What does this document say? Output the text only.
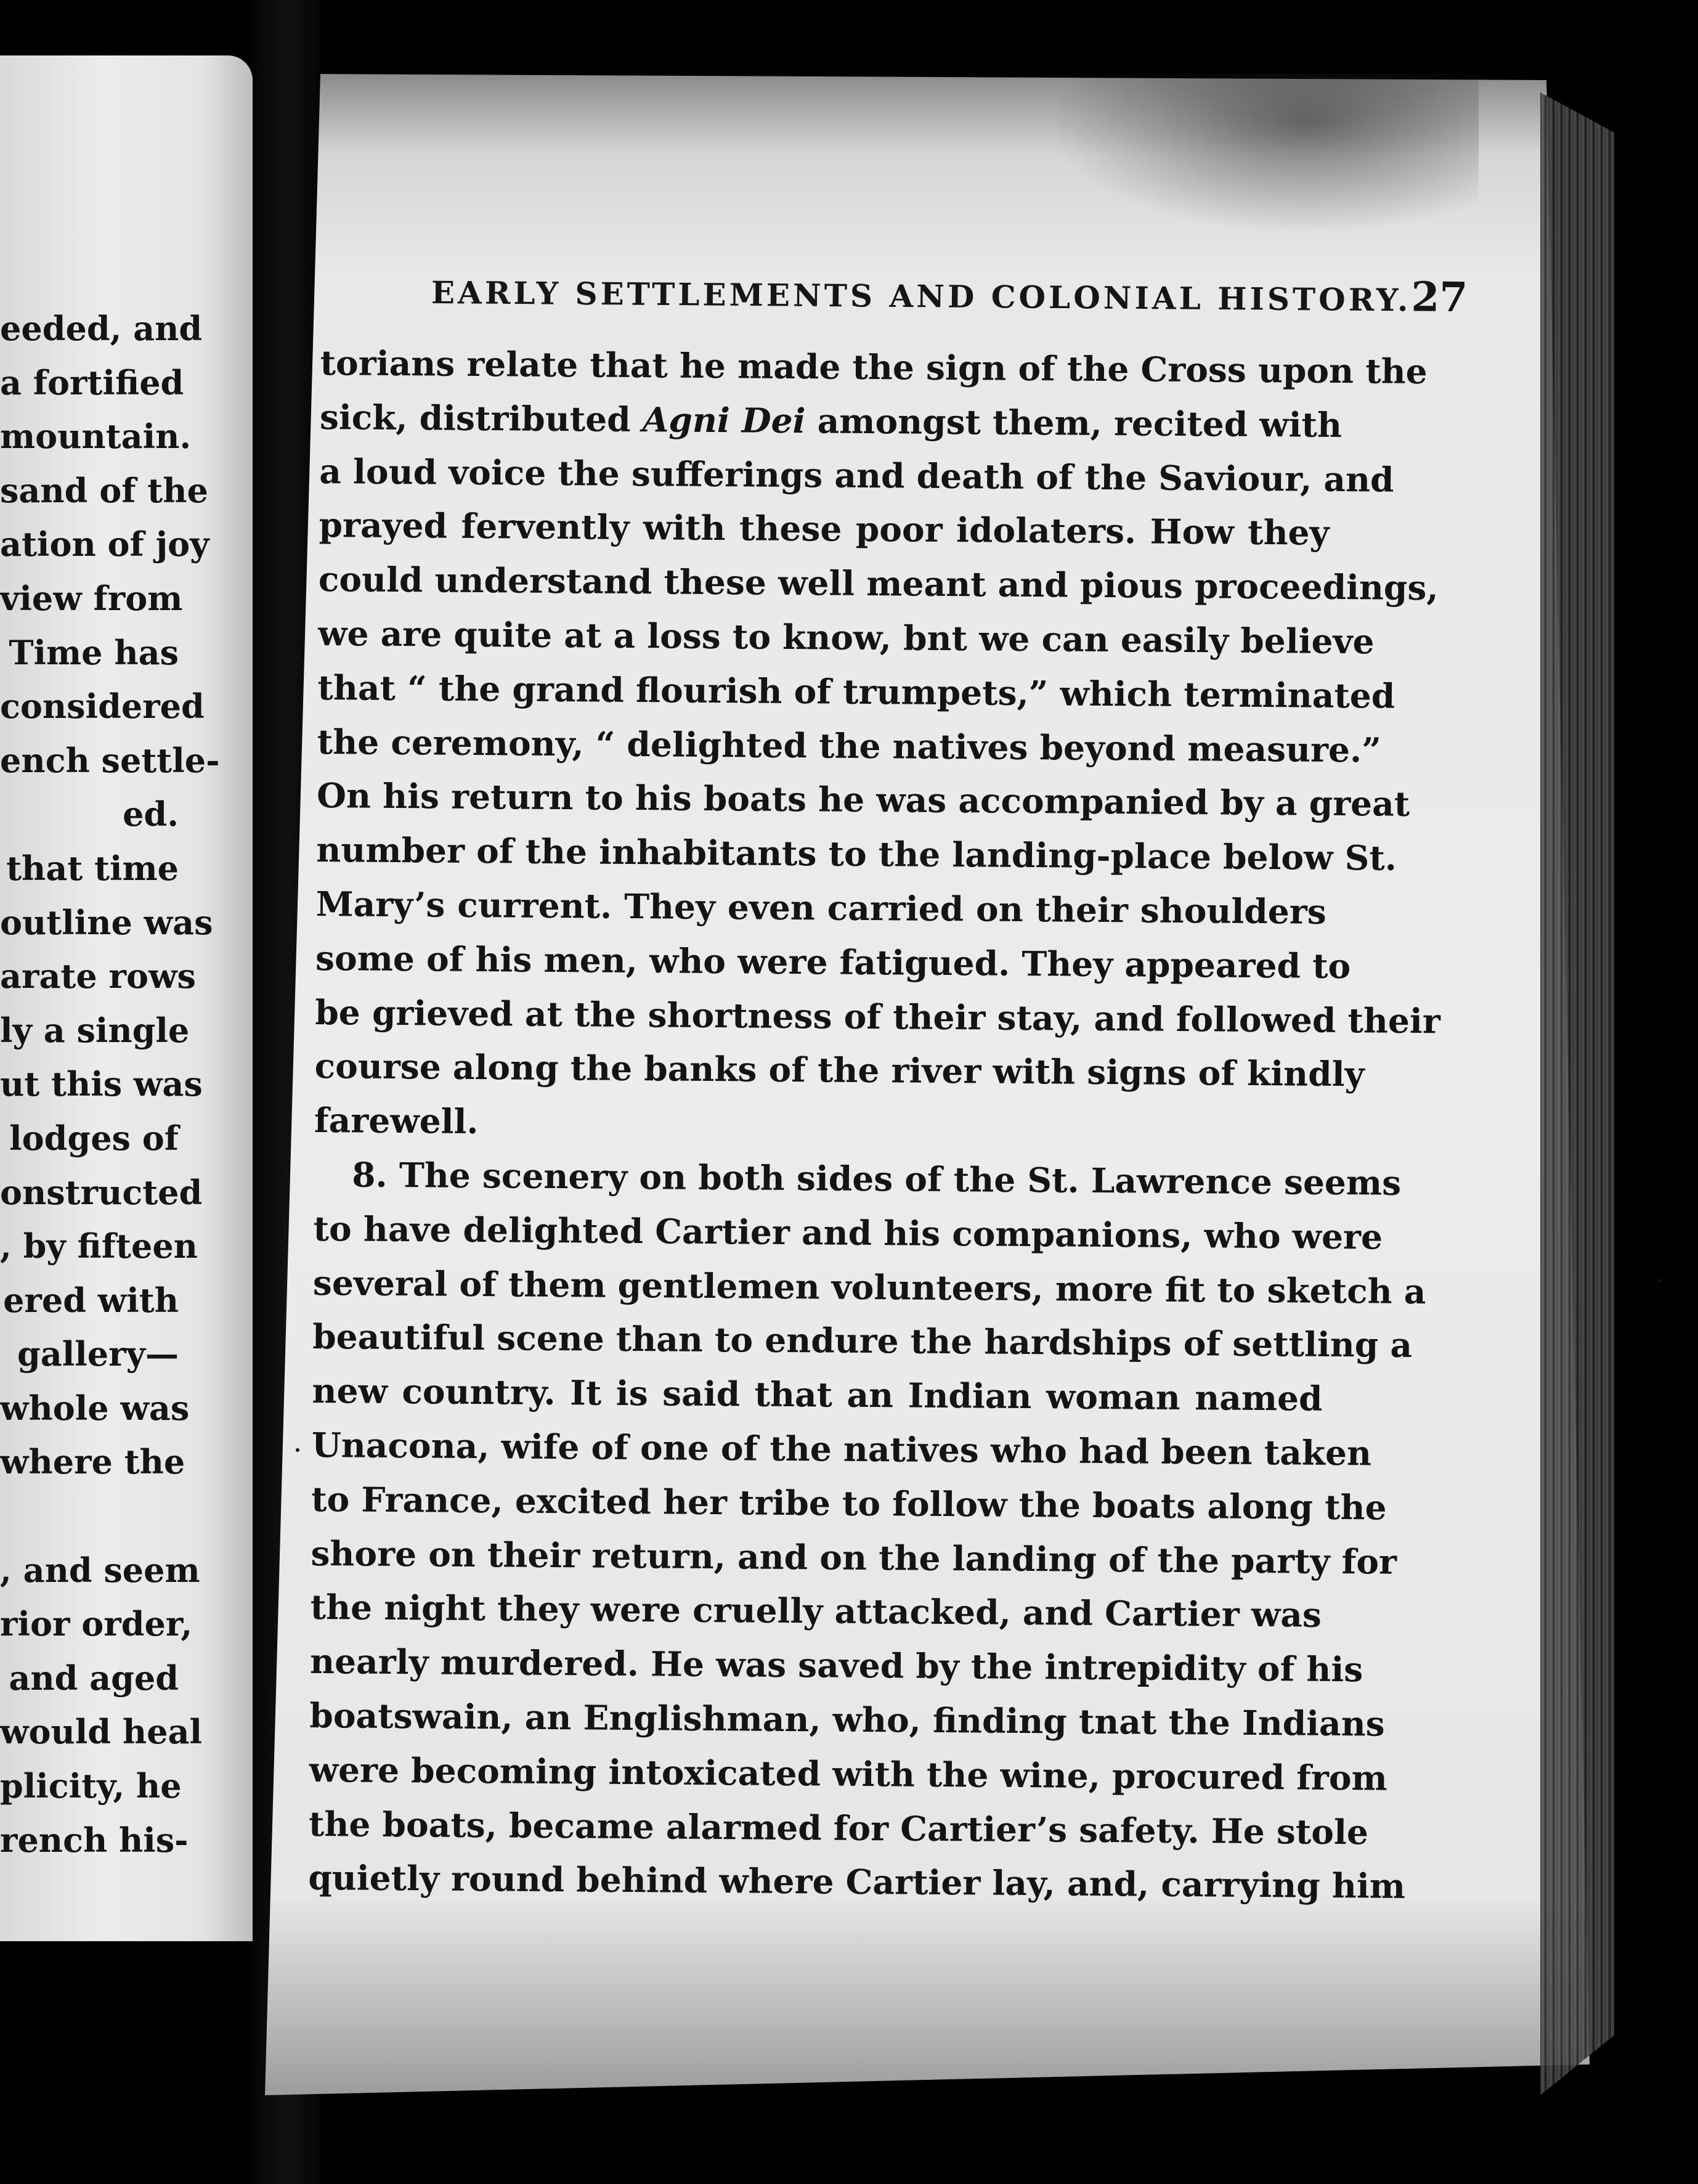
eeded, and
a fortified
mountain.
sand of the
ation of joy
view from
Time has
considered
ench settle-
ed.
that time
outline was
arate rows
ly a single
ut this was
lodges of
onstructed
, by fifteen
ered with
gallery—
whole was
where the
, and seem
rior order,
and aged
would heal
plicity, he
rench his-
EARLY SETTLEMENTS AND COLONIAL HISTORY. 27
torians relate that he made the sign of the Cross upon the
sick, distributed Agni Dei amongst them, recited with
a loud voice the sufferings and death of the Saviour, and
prayed fervently with these poor idolaters. How they
could understand these well meant and pious proceedings,
we are quite at a loss to know, bnt we can easily believe
that “ the grand flourish of trumpets,” which terminated
the ceremony, “ delighted the natives beyond measure.”
On his return to his boats he was accompanied by a great
number of the inhabitants to the landing-place below St.
Mary’s current. They even carried on their shoulders
some of his men, who were fatigued. They appeared to
be grieved at the shortness of their stay, and followed their
course along the banks of the river with signs of kindly
farewell.
8. The scenery on both sides of the St. Lawrence seems
to have delighted Cartier and his companions, who were
several of them gentlemen volunteers, more fit to sketch a
beautiful scene than to endure the hardships of settling a
new country. It is said that an Indian woman named
Unacona, wife of one of the natives who had been taken
to France, excited her tribe to follow the boats along the
shore on their return, and on the landing of the party for
the night they were cruelly attacked, and Cartier was
nearly murdered. He was saved by the intrepidity of his
boatswain, an Englishman, who, finding tnat the Indians
were becoming intoxicated with the wine, procured from
the boats, became alarmed for Cartier’s safety. He stole
quietly round behind where Cartier lay, and, carrying him
